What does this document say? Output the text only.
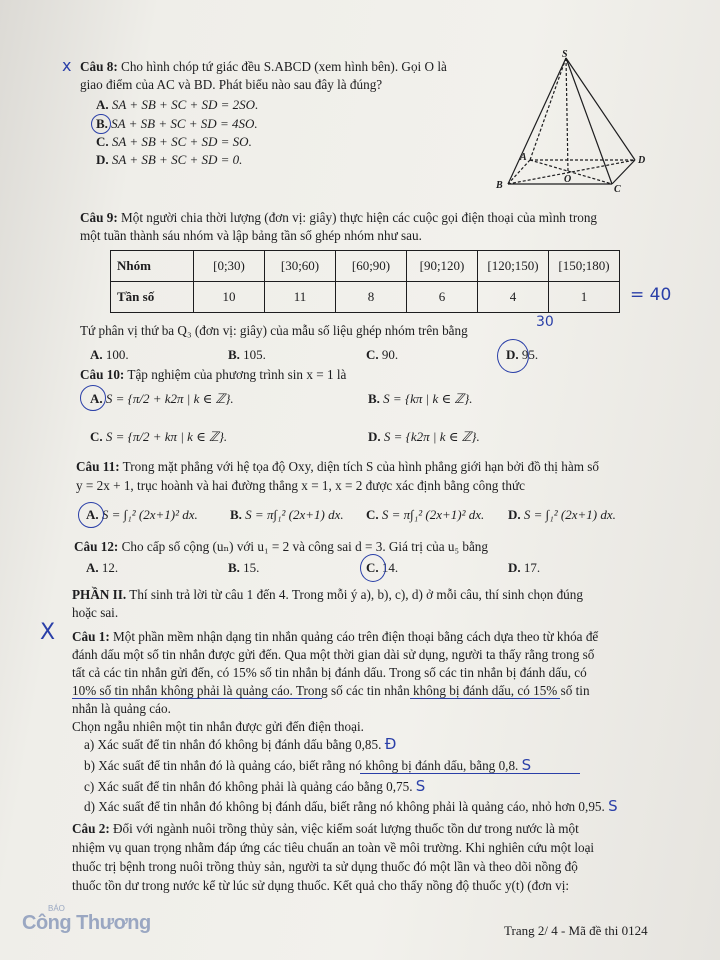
x Câu 8: Cho hình chóp tứ giác đều S.ABCD (xem hình bên). Gọi O là
giao điểm của AC và BD. Phát biểu nào sau đây là đúng?
A. SA + SB + SC + SD = 2SO.
B. SA + SB + SC + SD = 4SO.
C. SA + SB + SC + SD = SO.
D. SA + SB + SC + SD = 0.
S
A
B	C
D
O
Câu 9: Một người chia thời lượng (đơn vị: giây) thực hiện các cuộc gọi điện thoại của mình trong
một tuần thành sáu nhóm và lập bảng tần số ghép nhóm như sau.
Nhóm	[0;30)	[30;60)	[60;90)	[90;120)	[120;150)	[150;180)
Tần số	10	11	8	6	4	1	= 40
Tứ phân vị thứ ba Q₃ (đơn vị: giây) của mẫu số liệu ghép nhóm trên bằng
30
A. 100.	B. 105.	C. 90.	D. 95.
Câu 10: Tập nghiệm của phương trình sin x = 1 là
A. S = {π/2 + k2π | k ∈ ℤ}.	B. S = {kπ | k ∈ ℤ}.
C. S = {π/2 + kπ | k ∈ ℤ}.	D. S = {k2π | k ∈ ℤ}.
Câu 11: Trong mặt phẳng với hệ tọa độ Oxy, diện tích S của hình phẳng giới hạn bởi đồ thị hàm số
y = 2x + 1, trục hoành và hai đường thẳng x = 1, x = 2 được xác định bằng công thức
A. S = ∫₁² (2x+1)² dx. B. S = π∫₁² (2x+1) dx. C. S = π∫₁² (2x+1)² dx. D. S = ∫₁² (2x+1) dx.
Câu 12: Cho cấp số cộng (uₙ) với u₁ = 2 và công sai d = 3. Giá trị của u₅ bằng
A. 12.	B. 15.	C. 14.	D. 17.
PHẦN II. Thí sinh trả lời từ câu 1 đến 4. Trong mỗi ý a), b), c), d) ở mỗi câu, thí sinh chọn đúng
hoặc sai.
X Câu 1: Một phần mềm nhận dạng tin nhắn quảng cáo trên điện thoại bằng cách dựa theo từ khóa để
đánh dấu một số tin nhắn được gửi đến. Qua một thời gian dài sử dụng, người ta thấy rằng trong số
tất cả các tin nhắn gửi đến, có 15% số tin nhắn bị đánh dấu. Trong số các tin nhắn bị đánh dấu, có
10% số tin nhắn không phải là quảng cáo. Trong số các tin nhắn không bị đánh dấu, có 15% số tin
nhắn là quảng cáo.
Chọn ngẫu nhiên một tin nhắn được gửi đến điện thoại.
a) Xác suất để tin nhắn đó không bị đánh dấu bằng 0,85. Đ
b) Xác suất để tin nhắn đó là quảng cáo, biết rằng nó không bị đánh dấu, bằng 0,8. S
c) Xác suất để tin nhắn đó không phải là quảng cáo bằng 0,75. S
d) Xác suất để tin nhắn đó không bị đánh dấu, biết rằng nó không phải là quảng cáo, nhỏ hơn 0,95. S
Câu 2: Đối với ngành nuôi trồng thủy sản, việc kiểm soát lượng thuốc tồn dư trong nước là một
nhiệm vụ quan trọng nhằm đáp ứng các tiêu chuẩn an toàn về môi trường. Khi nghiên cứu một loại
thuốc trị bệnh trong nuôi trồng thủy sản, người ta sử dụng thuốc đó một lần và theo dõi nồng độ
thuốc tồn dư trong nước kể từ lúc sử dụng thuốc. Kết quả cho thấy nồng độ thuốc y(t) (đơn vị:
BÁO
Công Thương	Trang 2/ 4 - Mã đề thi 0124
